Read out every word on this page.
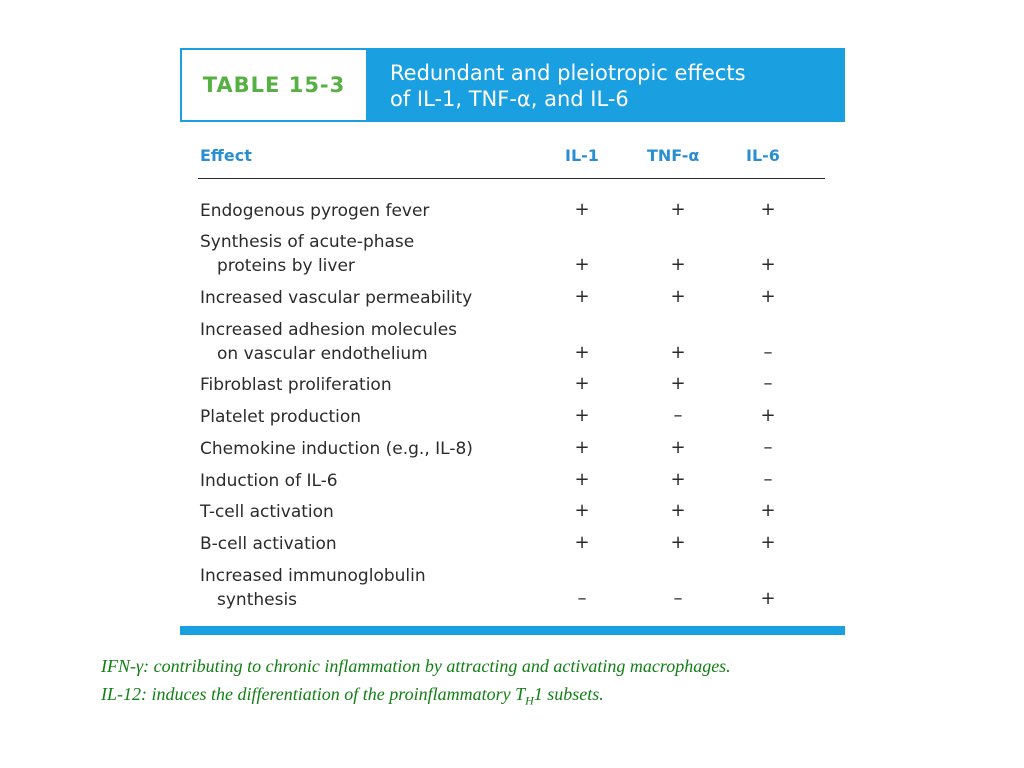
TABLE 15-3	Redundant and pleiotropic effects
of IL-1, TNF-α, and IL-6
Effect	IL-1	TNF-α	IL-6
Endogenous pyrogen fever	+	+	+
Synthesis of acute-phase
proteins by liver	+	+	+
Increased vascular permeability	+	+	+
Increased adhesion molecules
on vascular endothelium	+	+	–
Fibroblast proliferation	+	+	–
Platelet production	+	–	+
Chemokine induction (e.g., IL-8)	+	+	–
Induction of IL-6	+	+	–
T-cell activation	+	+	+
B-cell activation	+	+	+
Increased immunoglobulin
synthesis	–	–	+
IFN-γ: contributing to chronic inflammation by attracting and activating macrophages.
IL-12: induces the differentiation of the proinflammatory $T_H1$ subsets.
